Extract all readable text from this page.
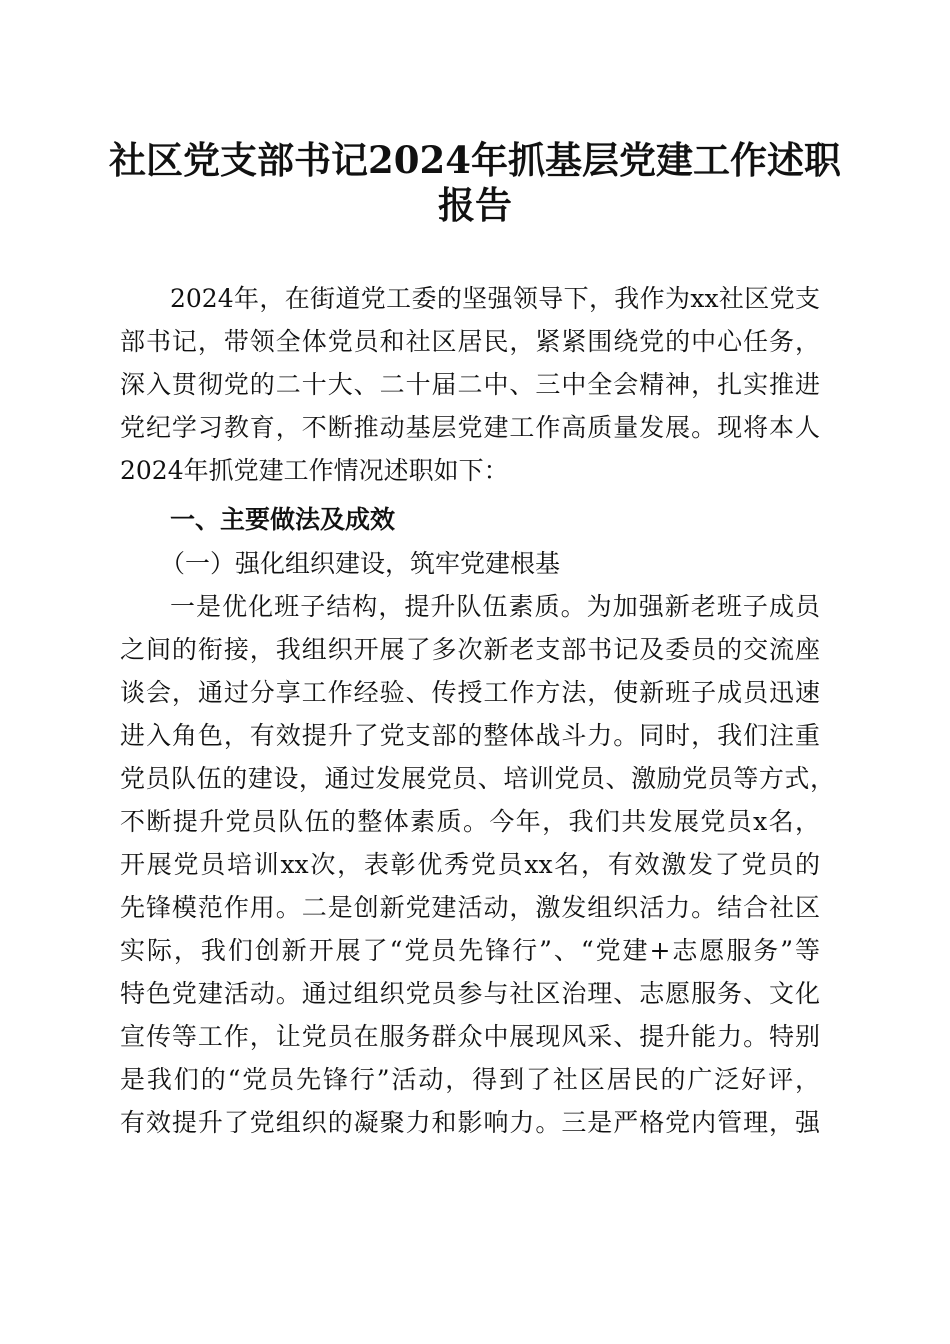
社区党支部书记2024年抓基层党建工作述职
报告
2024年，在街道党工委的坚强领导下，我作为xx社区党支
部书记，带领全体党员和社区居民，紧紧围绕党的中心任务，
深入贯彻党的二十大、二十届二中、三中全会精神，扎实推进
党纪学习教育，不断推动基层党建工作高质量发展。现将本人
2024年抓党建工作情况述职如下：
一、主要做法及成效
（一）强化组织建设，筑牢党建根基
一是优化班子结构，提升队伍素质。为加强新老班子成员
之间的衔接，我组织开展了多次新老支部书记及委员的交流座
谈会，通过分享工作经验、传授工作方法，使新班子成员迅速
进入角色，有效提升了党支部的整体战斗力。同时，我们注重
党员队伍的建设，通过发展党员、培训党员、激励党员等方式，
不断提升党员队伍的整体素质。今年，我们共发展党员x名，
开展党员培训xx次，表彰优秀党员xx名，有效激发了党员的
先锋模范作用。二是创新党建活动，激发组织活力。结合社区
实际，我们创新开展了“党员先锋行”、“党建+志愿服务”等
特色党建活动。通过组织党员参与社区治理、志愿服务、文化
宣传等工作，让党员在服务群众中展现风采、提升能力。特别
是我们的“党员先锋行”活动，得到了社区居民的广泛好评，
有效提升了党组织的凝聚力和影响力。三是严格党内管理，强
